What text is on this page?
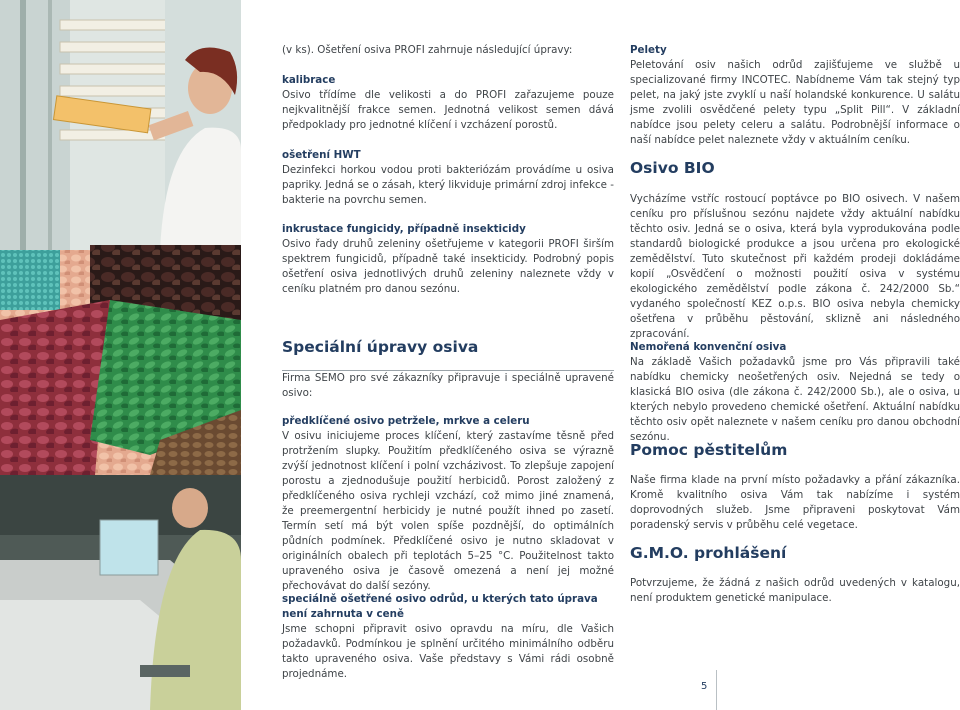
(v ks). Ošetření osiva PROFI zahrnuje následující úpravy:

kalibrace

Osivo třídíme dle velikosti a do PROFI zařazujeme pouze nejkvalitnější frakce semen. Jednotná velikost semen dává předpoklady pro jednotné klíčení i vzcházení porostů.

ošetření HWT

Dezinfekci horkou vodou proti bakteriózám provádíme u osiva papriky. Jedná se o zásah, který likviduje primární zdroj infekce - bakterie na povrchu semen.

inkrustace fungicidy, případně insekticidy

Osivo řady druhů zeleniny ošetřujeme v kategorii PROFI širším spektrem fungicidů, případně také insekticidy. Podrobný popis ošetření osiva jednotlivých druhů zeleniny naleznete vždy v ceníku platném pro danou sezónu.

Speciální úpravy osiva

Firma SEMO pro své zákazníky připravuje i speciálně upravené osivo:

předklíčené osivo petržele, mrkve a celeru

V osivu iniciujeme proces klíčení, který zastavíme těsně před protržením slupky. Použitím předklíčeného osiva se výrazně zvýší jednotnost klíčení i polní vzcházivost. To zlepšuje zapojení porostu a zjednodušuje použití herbicidů. Porost založený z předklíčeného osiva rychleji vzchází, což mimo jiné znamená, že preemergentní herbicidy je nutné použít ihned po zasetí. Termín setí má být volen spíše pozdnější, do optimálních půdních podmínek. Předklíčené osivo je nutno skladovat v originálních obalech při teplotách 5–25 °C. Použitelnost takto upraveného osiva je časově omezená a není jej možné přechovávat do další sezóny.

speciálně ošetřené osivo odrůd, u kterých tato úprava není zahrnuta v ceně

Jsme schopni připravit osivo opravdu na míru, dle Vašich požadavků. Podmínkou je splnění určitého minimálního odběru takto upraveného osiva. Vaše představy s Vámi rádi osobně projednáme.

Pelety

Peletování osiv našich odrůd zajišťujeme ve službě u specializované firmy INCOTEC. Nabídneme Vám tak stejný typ pelet, na jaký jste zvyklí u naší holandské konkurence. U salátu jsme zvolili osvědčené pelety typu „Split Pill“. V základní nabídce jsou pelety celeru a salátu. Podrobnější informace o naší nabídce pelet naleznete vždy v aktuálním ceníku.

Osivo BIO

Vycházíme vstříc rostoucí poptávce po BIO osivech. V našem ceníku pro příslušnou sezónu najdete vždy aktuální nabídku těchto osiv. Jedná se o osiva, která byla vyprodukována podle standardů biologické produkce a jsou určena pro ekologické zemědělství. Tuto skutečnost při každém prodeji dokládáme kopií „Osvědčení o možnosti použití osiva v systému ekologického zemědělství podle zákona č. 242/2000 Sb.“ vydaného společností KEZ o.p.s. BIO osiva nebyla chemicky ošetřena v průběhu pěstování, sklizně ani následného zpracování.

Nemořená konvenční osiva

Na základě Vašich požadavků jsme pro Vás připravili také nabídku chemicky neošetřených osiv. Nejedná se tedy o klasická BIO osiva (dle zákona č. 242/2000 Sb.), ale o osiva, u kterých nebylo provedeno chemické ošetření. Aktuální nabídku těchto osiv opět naleznete v našem ceníku pro danou obchodní sezónu.

Pomoc pěstitelům

Naše firma klade na první místo požadavky a přání zákazníka. Kromě kvalitního osiva Vám tak nabízíme i systém doprovodných služeb. Jsme připraveni poskytovat Vám poradenský servis v průběhu celé vegetace.

G.M.O. prohlášení

Potvrzujeme, že žádná z našich odrůd uvedených v katalogu, není produktem genetické manipulace.

5
